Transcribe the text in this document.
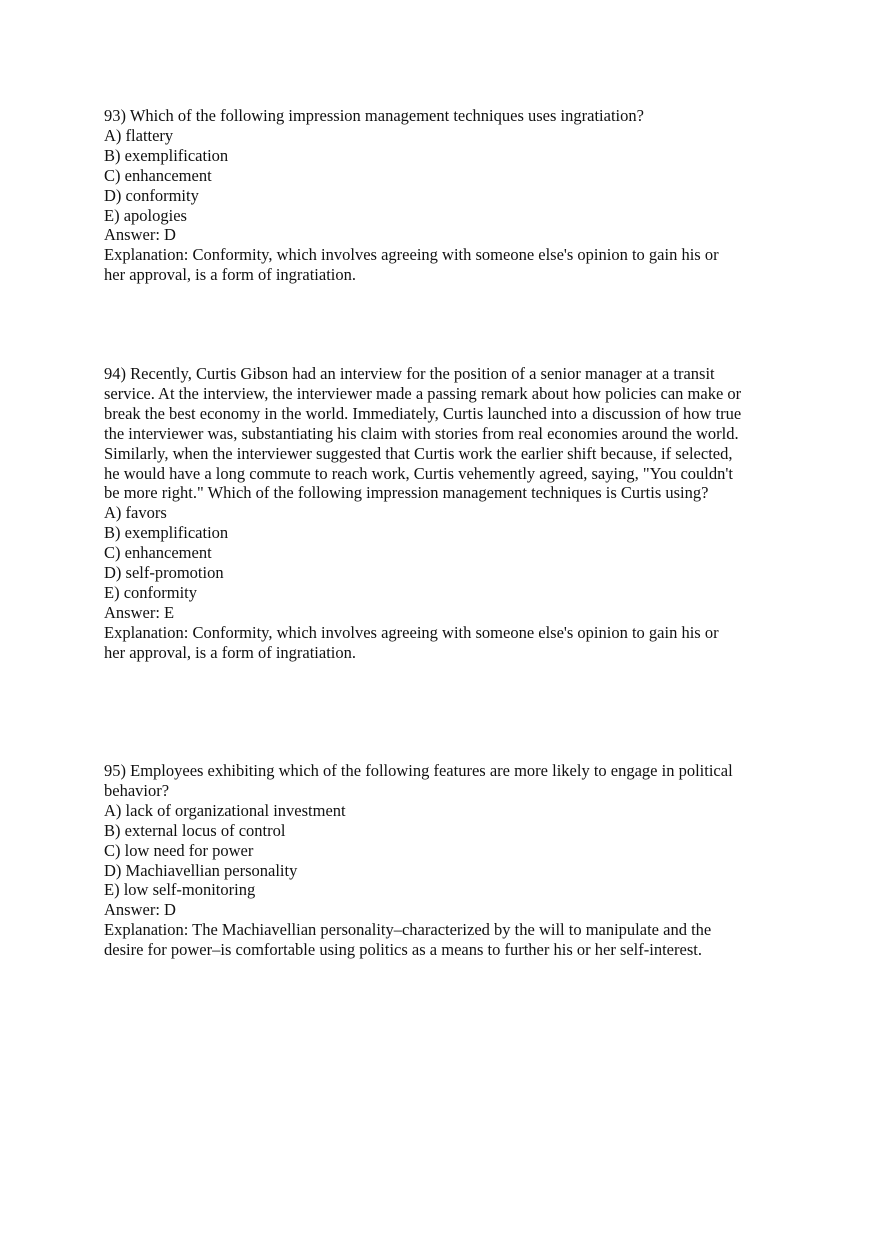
93) Which of the following impression management techniques uses ingratiation?
A) flattery
B) exemplification
C) enhancement
D) conformity
E) apologies
Answer: D
Explanation: Conformity, which involves agreeing with someone else's opinion to gain his or
her approval, is a form of ingratiation.
94) Recently, Curtis Gibson had an interview for the position of a senior manager at a transit
service. At the interview, the interviewer made a passing remark about how policies can make or
break the best economy in the world. Immediately, Curtis launched into a discussion of how true
the interviewer was, substantiating his claim with stories from real economies around the world.
Similarly, when the interviewer suggested that Curtis work the earlier shift because, if selected,
he would have a long commute to reach work, Curtis vehemently agreed, saying, "You couldn't
be more right." Which of the following impression management techniques is Curtis using?
A) favors
B) exemplification
C) enhancement
D) self-promotion
E) conformity
Answer: E
Explanation: Conformity, which involves agreeing with someone else's opinion to gain his or
her approval, is a form of ingratiation.
95) Employees exhibiting which of the following features are more likely to engage in political
behavior?
A) lack of organizational investment
B) external locus of control
C) low need for power
D) Machiavellian personality
E) low self-monitoring
Answer: D
Explanation: The Machiavellian personality–characterized by the will to manipulate and the
desire for power–is comfortable using politics as a means to further his or her self-interest.
